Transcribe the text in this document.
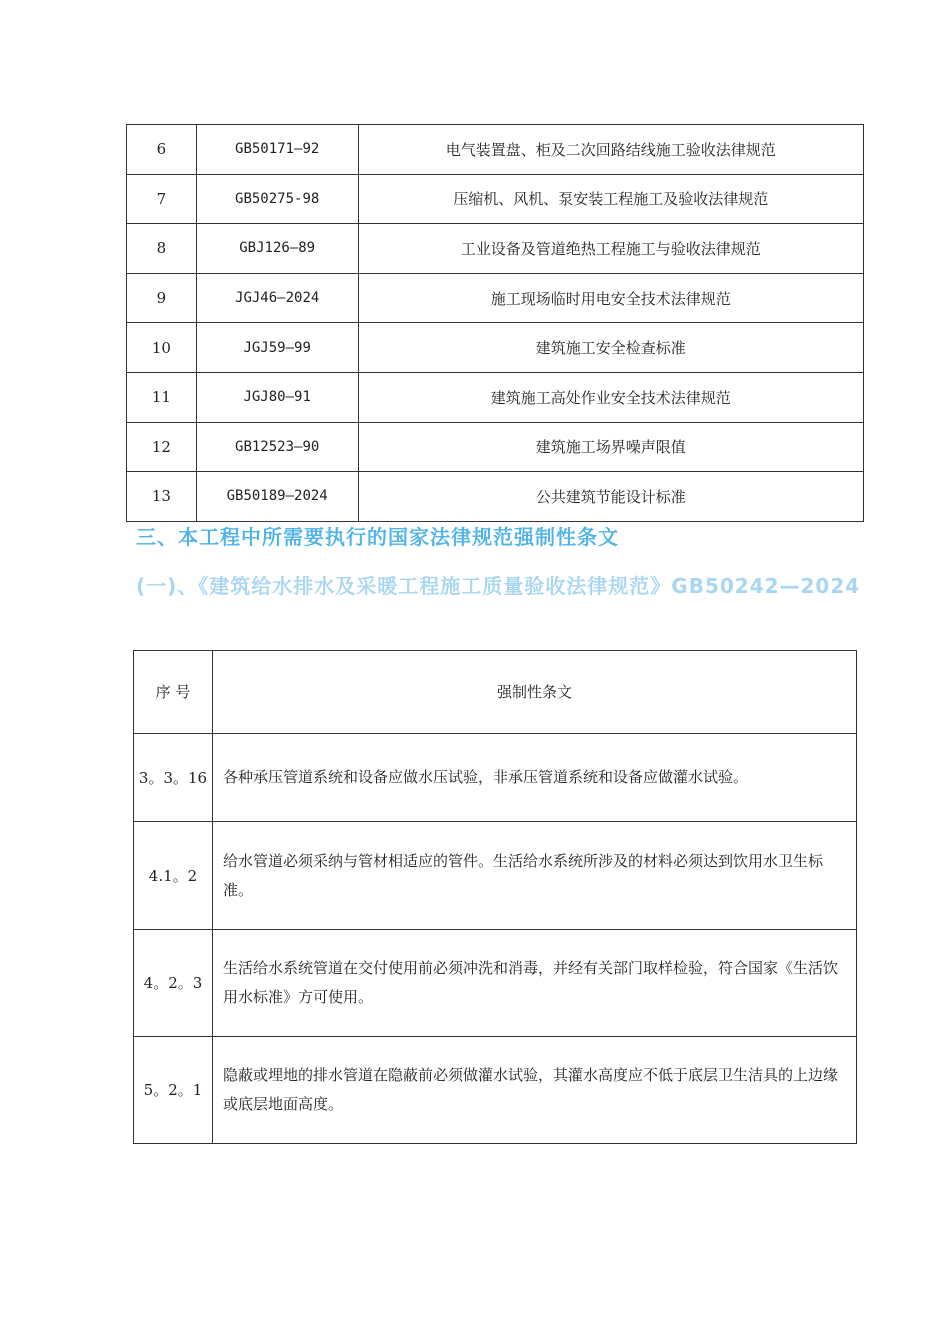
6	GB50171—92	电气装置盘、柜及二次回路结线施工验收法律规范
7	GB50275-98	压缩机、风机、泵安装工程施工及验收法律规范
8	GBJ126—89	工业设备及管道绝热工程施工与验收法律规范
9	JGJ46—2024	施工现场临时用电安全技术法律规范
10	JGJ59—99	建筑施工安全检查标准
11	JGJ80—91	建筑施工高处作业安全技术法律规范
12	GB12523—90	建筑施工场界噪声限值
13	GB50189—2024	公共建筑节能设计标准
三、本工程中所需要执行的国家法律规范强制性条文
(一)、《建筑给水排水及采暖工程施工质量验收法律规范》GB50242—2024
序 号	强制性条文
3。3。16	各种承压管道系统和设备应做水压试验，非承压管道系统和设备应做灌水试验。
4.1。2	给水管道必须采纳与管材相适应的管件。生活给水系统所涉及的材料必须达到饮用水卫生标准。
4。2。3	生活给水系统管道在交付使用前必须冲洗和消毒，并经有关部门取样检验，符合国家《生活饮用水标准》方可使用。
5。2。1	隐蔽或埋地的排水管道在隐蔽前必须做灌水试验，其灌水高度应不低于底层卫生洁具的上边缘或底层地面高度。
